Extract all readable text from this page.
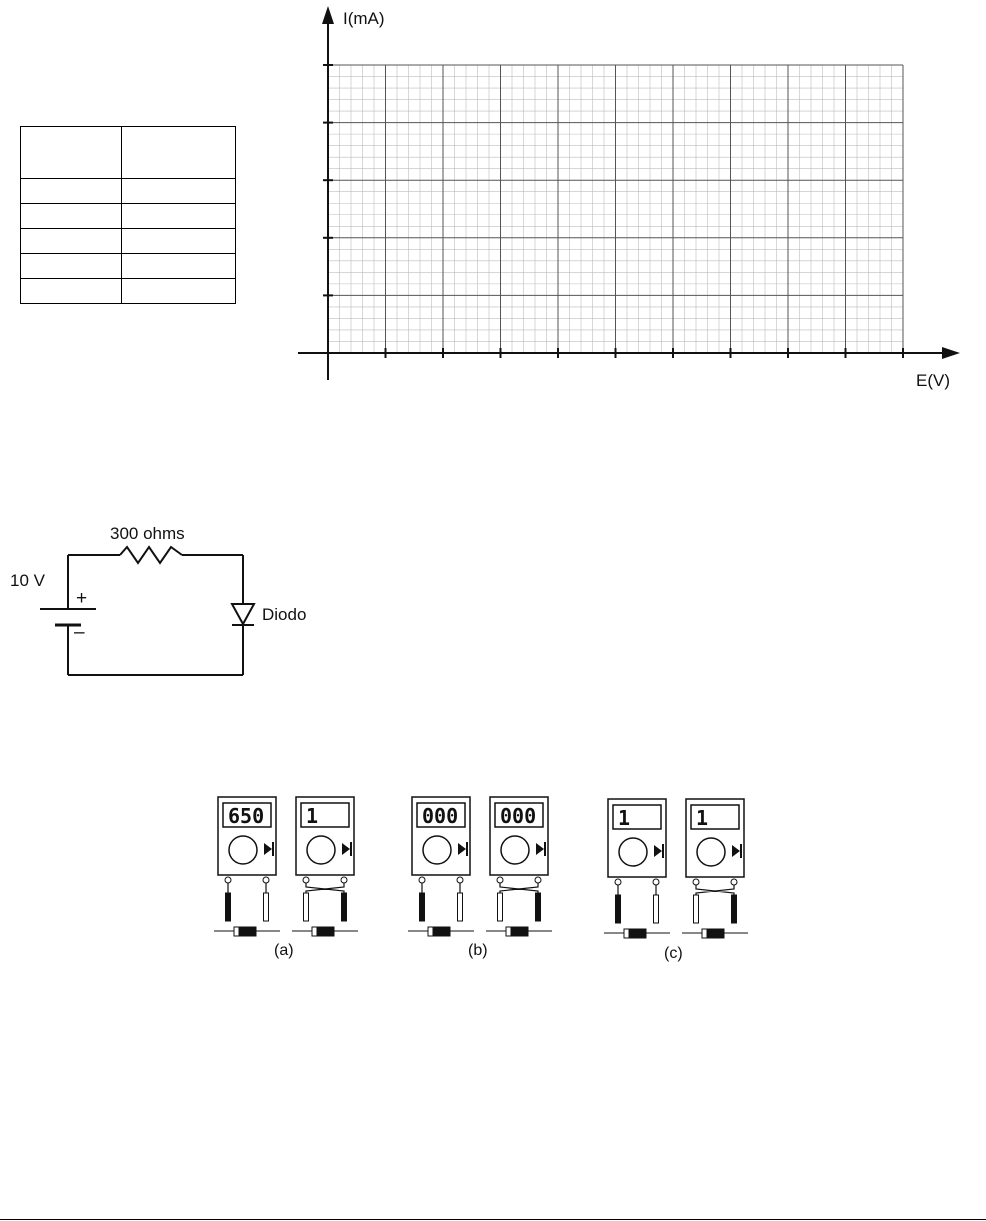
I(mA)
E(V)
300 ohms
10 V
+
–
Diodo
650 1	000 000	1	1
(a)	(b)	(c)
